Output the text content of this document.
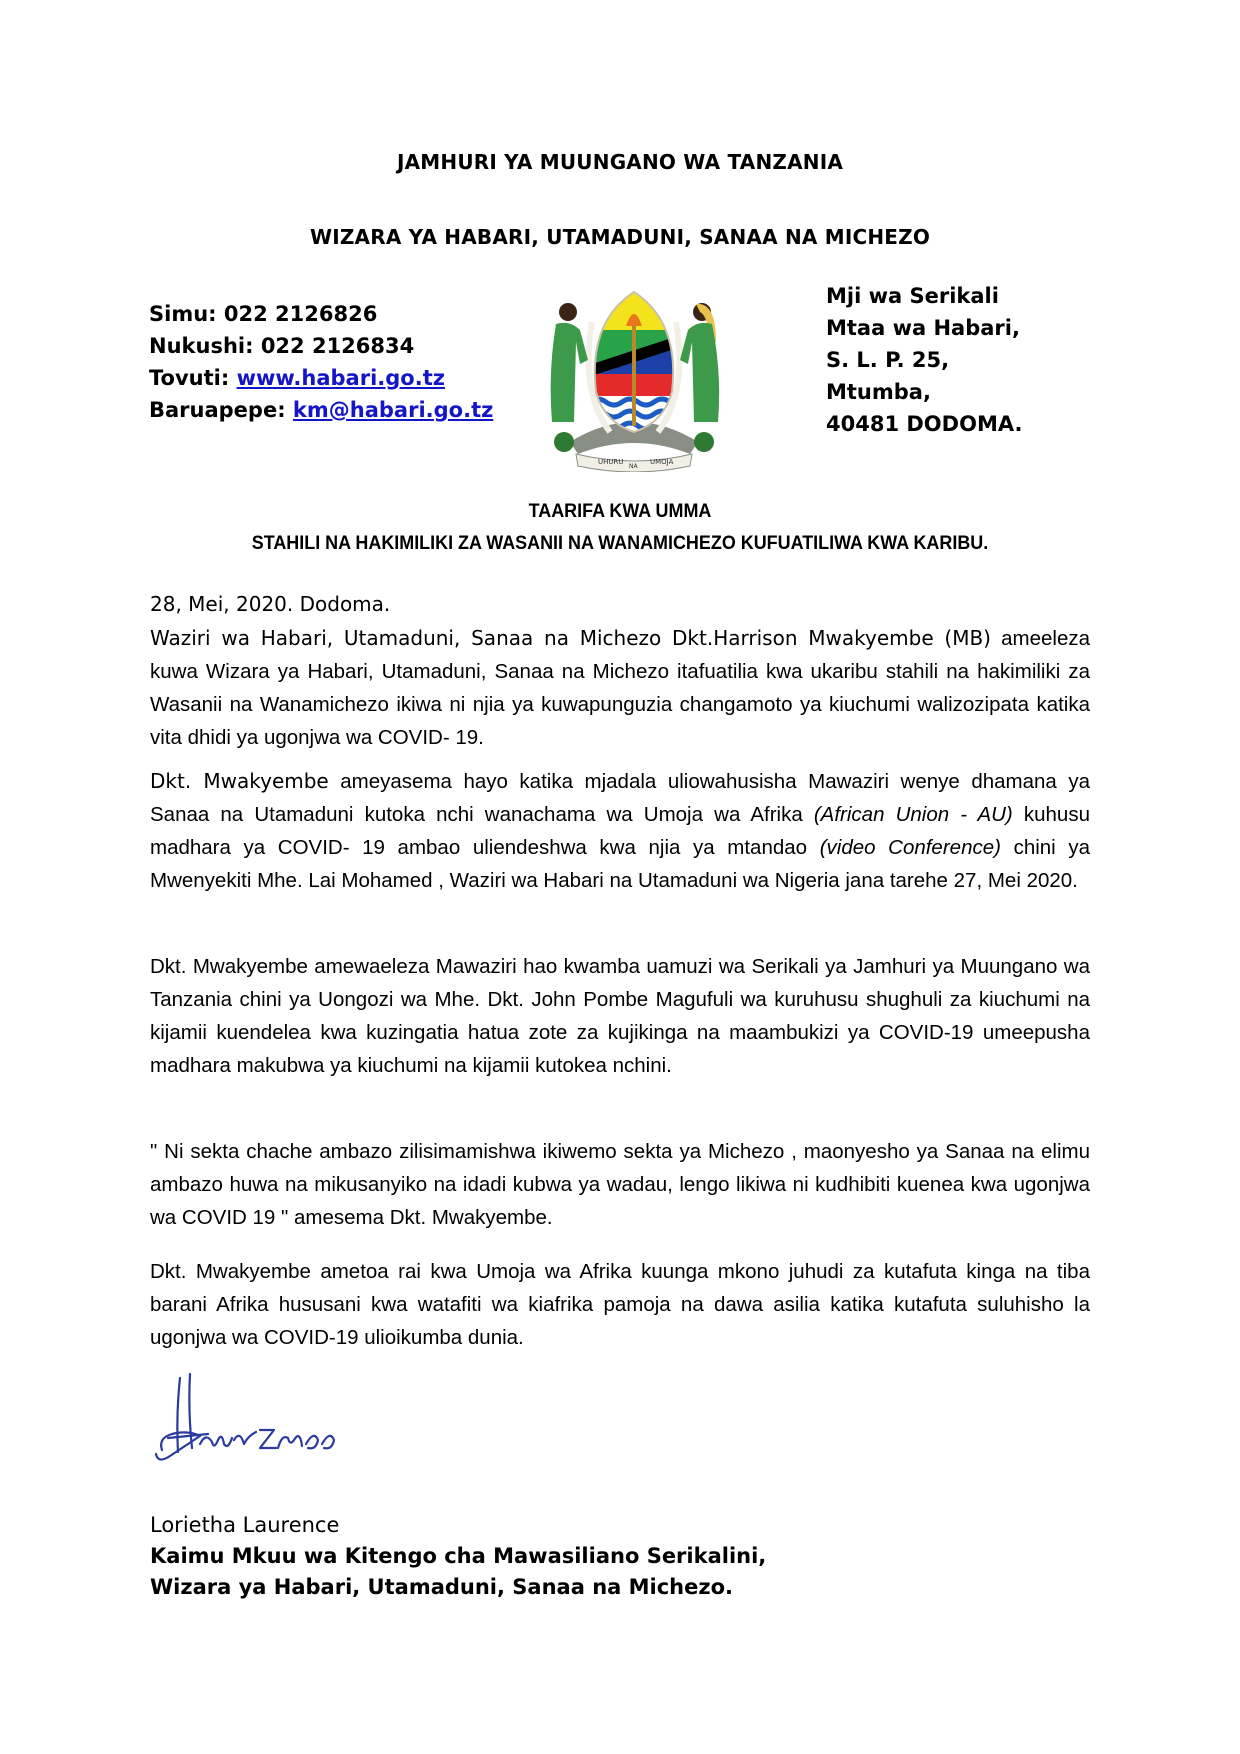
JAMHURI YA MUUNGANO WA TANZANIA
WIZARA YA HABARI, UTAMADUNI, SANAA NA MICHEZO
Simu: 022 2126826
Nukushi: 022 2126834
Tovuti: www.habari.go.tz
Baruapepe: km@habari.go.tz
UHURU
NA
UMOJA
Mji wa Serikali
Mtaa wa Habari,
S. L. P. 25,
Mtumba,
40481 DODOMA.
TAARIFA KWA UMMA
STAHILI NA HAKIMILIKI ZA WASANII NA WANAMICHEZO KUFUATILIWA KWA KARIBU.
28, Mei, 2020. Dodoma.

Waziri wa Habari, Utamaduni, Sanaa na Michezo Dkt.Harrison Mwakyembe (MB) ameeleza kuwa Wizara ya Habari, Utamaduni, Sanaa na Michezo itafuatilia kwa ukaribu stahili na hakimiliki za Wasanii na Wanamichezo ikiwa ni njia ya kuwapunguzia changamoto ya kiuchumi walizozipata katika vita dhidi ya ugonjwa wa COVID- 19.

Dkt. Mwakyembe ameyasema hayo katika mjadala uliowahusisha Mawaziri wenye dhamana ya Sanaa na Utamaduni kutoka nchi wanachama wa Umoja wa Afrika (African Union - AU) kuhusu madhara ya COVID- 19 ambao uliendeshwa kwa njia ya mtandao (video Conference) chini ya Mwenyekiti Mhe. Lai Mohamed , Waziri wa Habari na Utamaduni wa Nigeria jana tarehe 27, Mei 2020.

Dkt. Mwakyembe amewaeleza Mawaziri hao kwamba uamuzi wa Serikali ya Jamhuri ya Muungano wa Tanzania chini ya Uongozi wa Mhe. Dkt. John Pombe Magufuli wa kuruhusu shughuli za kiuchumi na kijamii kuendelea kwa kuzingatia hatua zote za kujikinga na maambukizi ya COVID-19 umeepusha madhara makubwa ya kiuchumi na kijamii kutokea nchini.

" Ni sekta chache ambazo zilisimamishwa ikiwemo sekta ya Michezo , maonyesho ya Sanaa na elimu ambazo huwa na mikusanyiko na idadi kubwa ya wadau, lengo likiwa ni kudhibiti kuenea kwa ugonjwa wa COVID 19 " amesema Dkt. Mwakyembe.

Dkt. Mwakyembe ametoa rai kwa Umoja wa Afrika kuunga mkono juhudi za kutafuta kinga na tiba barani Afrika hususani kwa watafiti wa kiafrika pamoja na dawa asilia katika kutafuta suluhisho la ugonjwa wa COVID-19 ulioikumba dunia.

Lorietha Laurence
Kaimu Mkuu wa Kitengo cha Mawasiliano Serikalini,
Wizara ya Habari, Utamaduni, Sanaa na Michezo.
